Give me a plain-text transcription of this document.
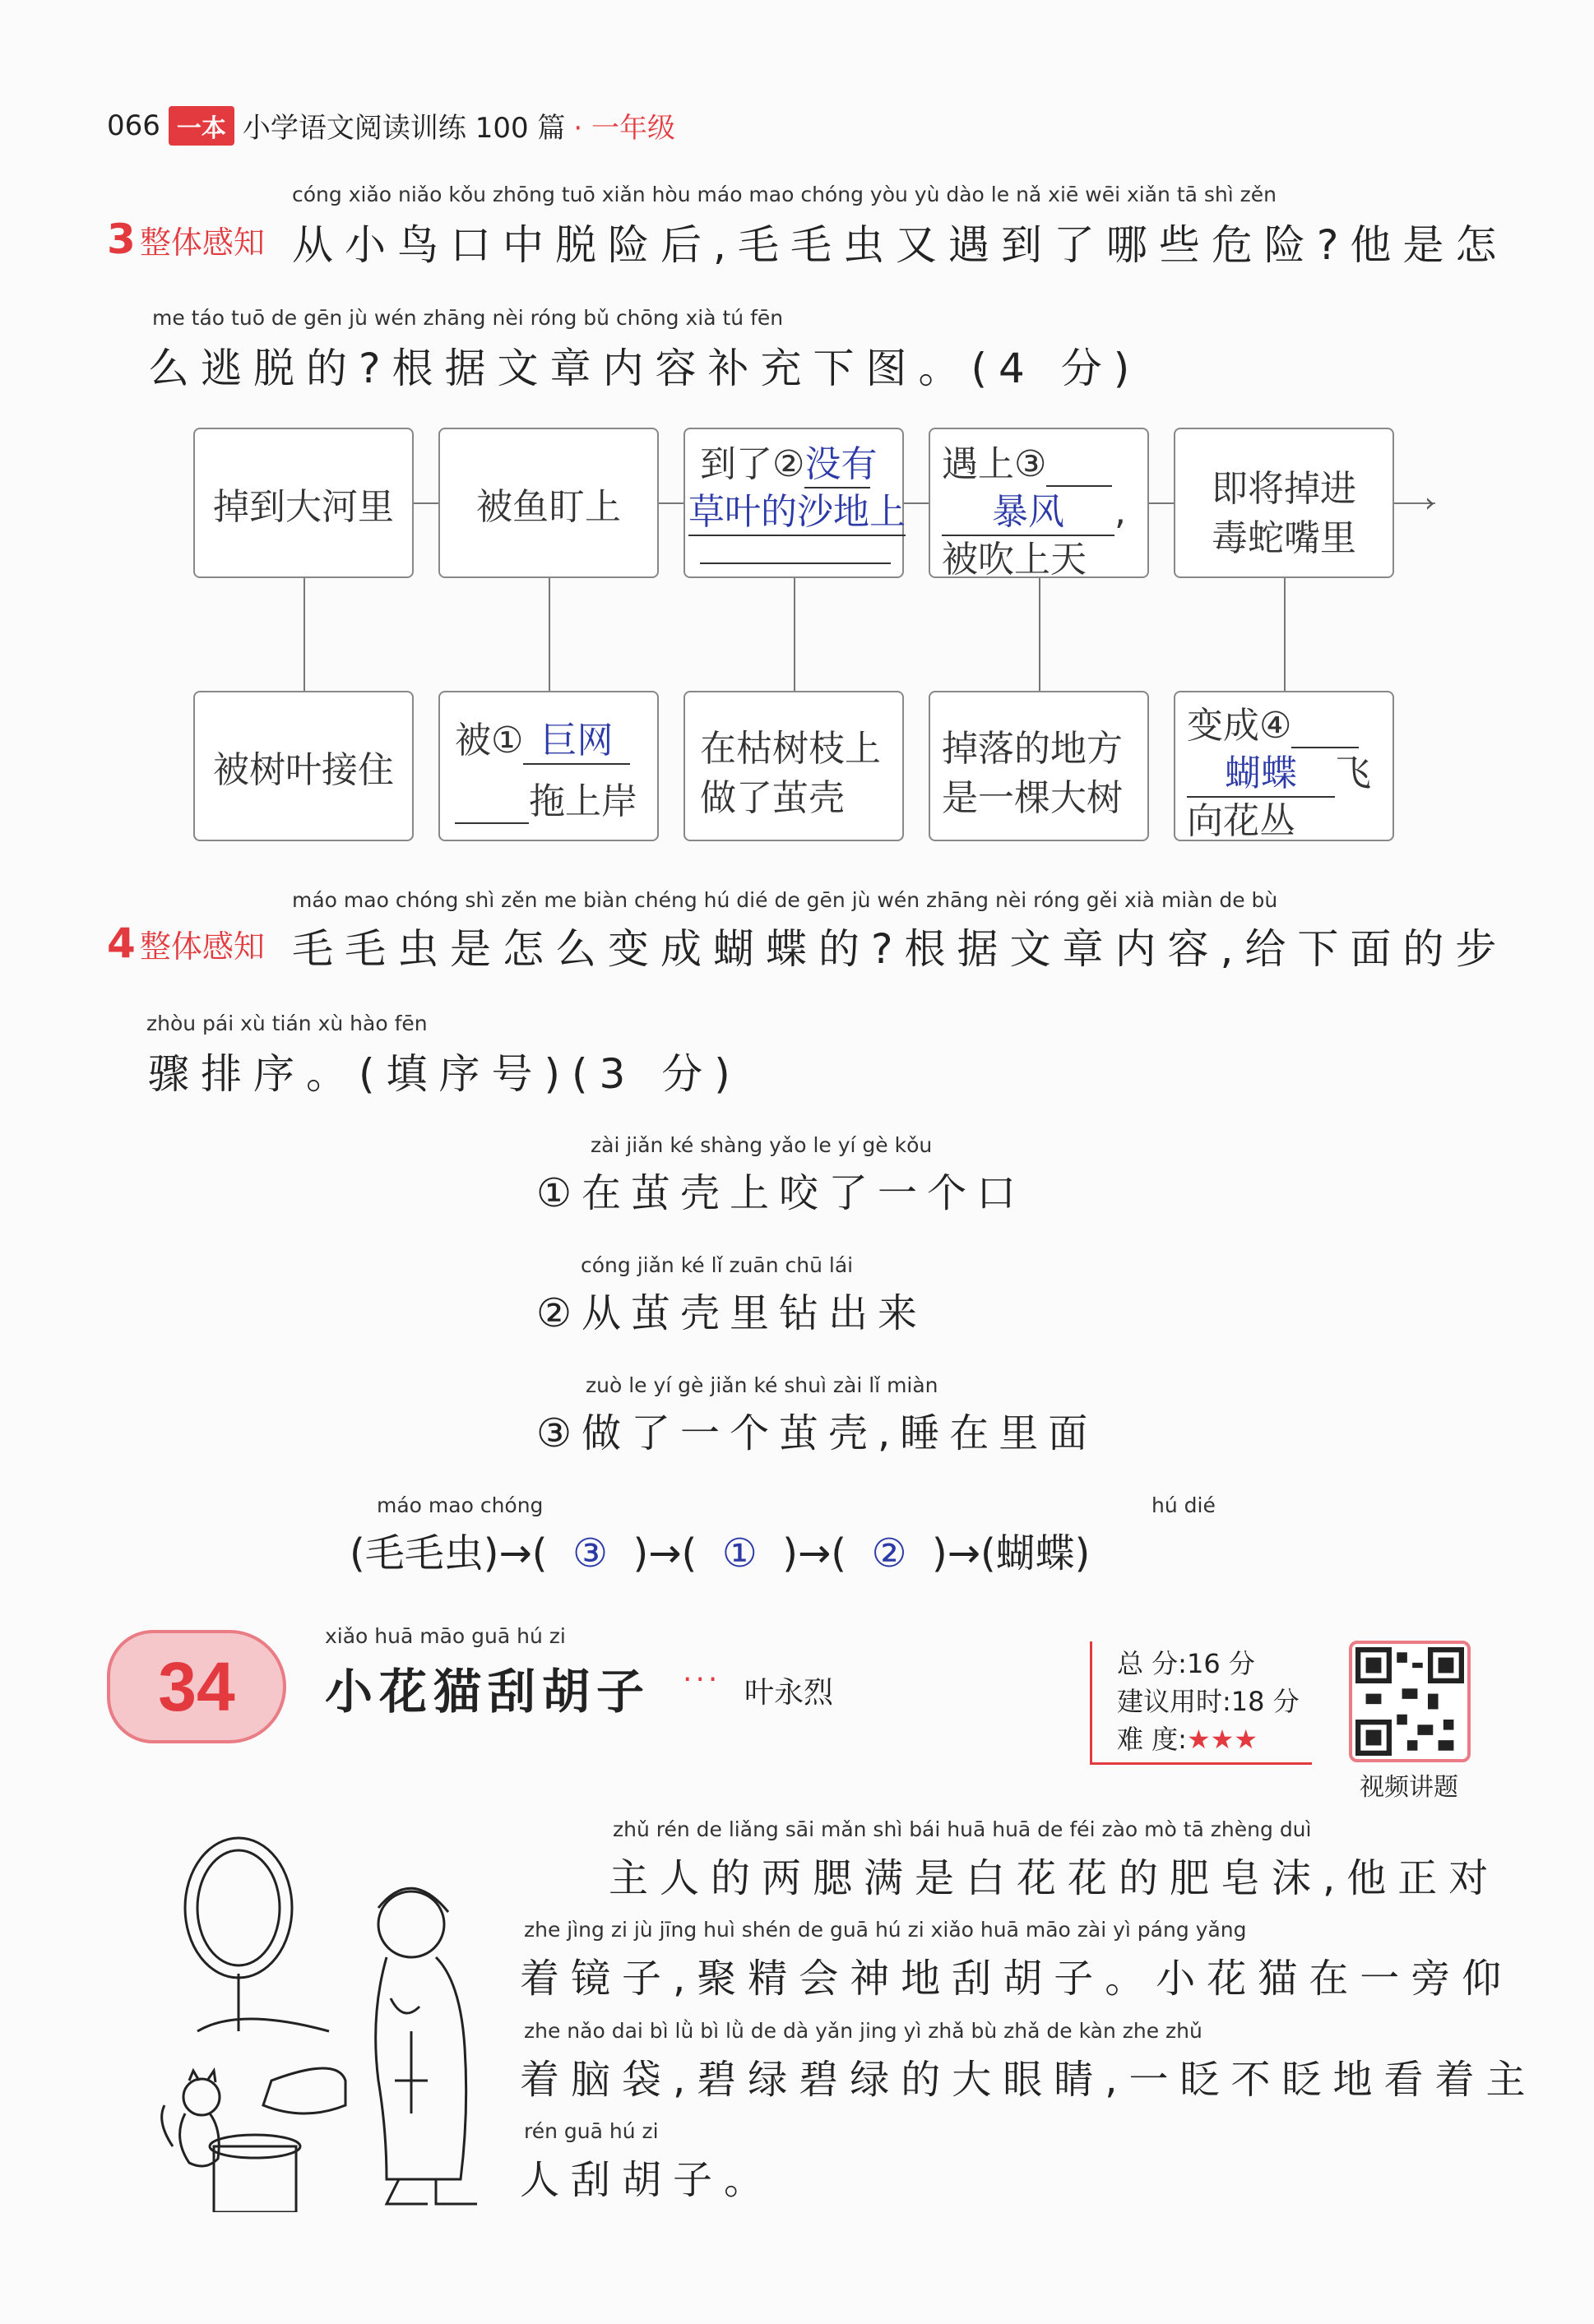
066 一本 小学语文阅读训练 100 篇 · 一年级
cóng xiǎo niǎo kǒu zhōng tuō xiǎn hòu máo mao chóng yòu yù dào le nǎ xiē wēi xiǎn tā shì zěn
3 整体感知 从小鸟口中脱险后,毛毛虫又遇到了哪些危险?他是怎
me táo tuō de gēn jù wén zhāng nèi róng bǔ chōng xià tú fēn
么逃脱的?根据文章内容补充下图。(4 分)
›
掉到大河里	被鱼盯上
到了②没有
草叶的沙地上
遇上③
暴风 ,
被吹上天
即将掉进
毒蛇嘴里
被树叶接住
被① 巨网
拖上岸
在枯树枝上
做了茧壳
掉落的地方
是一棵大树
变成④
蝴蝶 飞
向花丛
máo mao chóng shì zěn me biàn chéng hú dié de gēn jù wén zhāng nèi róng gěi xià miàn de bù
4 整体感知 毛毛虫是怎么变成蝴蝶的?根据文章内容,给下面的步
zhòu pái xù tián xù hào fēn
骤排序。(填序号)(3 分)
zài jiǎn ké shàng yǎo le yí gè kǒu
①在茧壳上咬了一个口
cóng jiǎn ké lǐ zuān chū lái
②从茧壳里钻出来
zuò le yí gè jiǎn ké shuì zài lǐ miàn
③做了一个茧壳,睡在里面
máo mao chóng	hú dié
(毛毛虫)→(  ③  )→(  ①  )→(  ②  )→(蝴蝶)
34
xiǎo huā māo guā hú zi
小花猫刮胡子 ··· 叶永烈
总 分:16 分
建议用时:18 分
难 度:★★★
视频讲题
zhǔ rén de liǎng sāi mǎn shì bái huā huā de féi zào mò tā zhèng duì
主人的两腮满是白花花的肥皂沫,他正对
zhe jìng zi jù jīng huì shén de guā hú zi xiǎo huā māo zài yì páng yǎng
着镜子,聚精会神地刮胡子。小花猫在一旁仰
zhe nǎo dai bì lǜ bì lǜ de dà yǎn jing yì zhǎ bù zhǎ de kàn zhe zhǔ
着脑袋,碧绿碧绿的大眼睛,一眨不眨地看着主
rén guā hú zi
人刮胡子。
